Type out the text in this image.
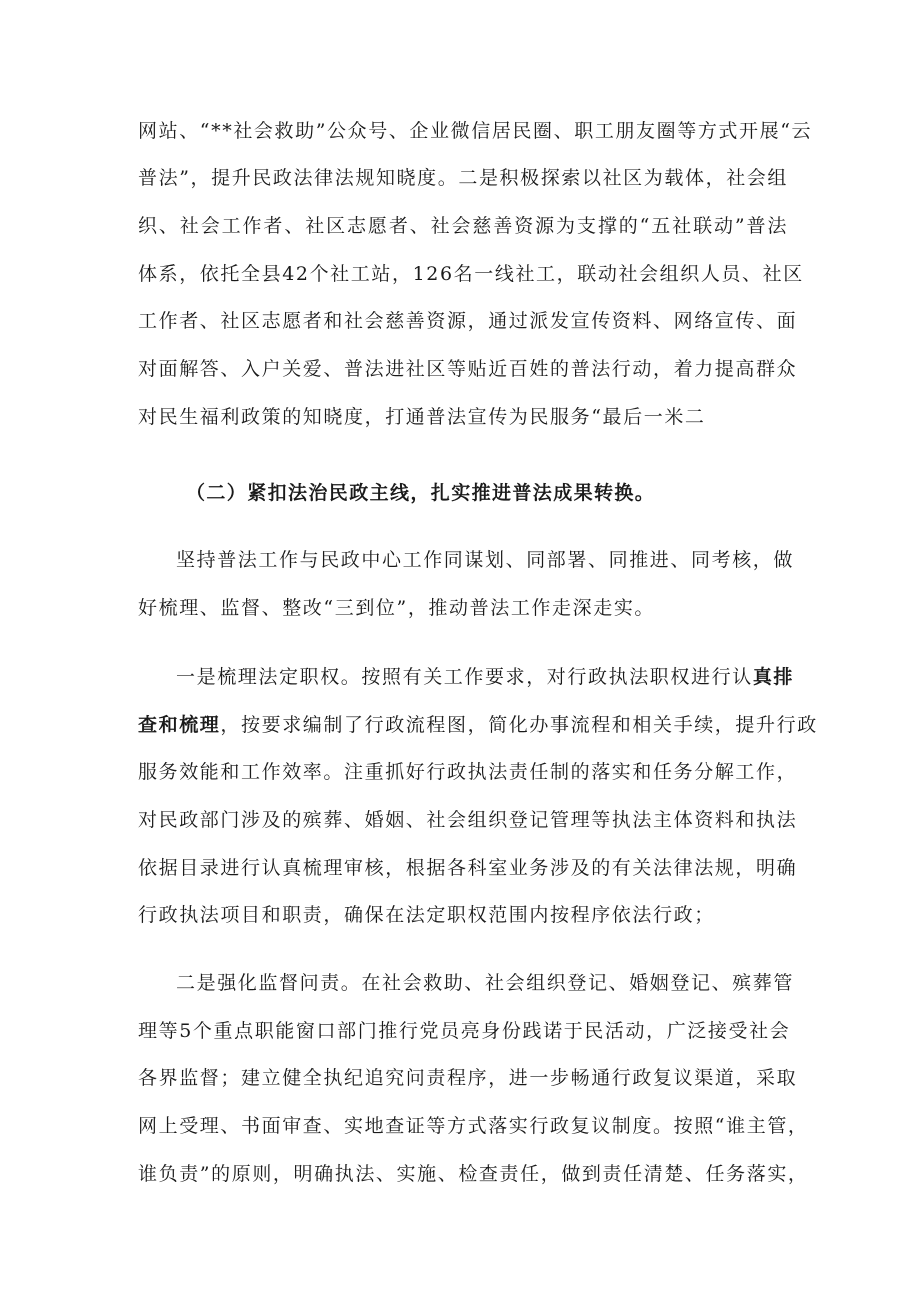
网站、“**社会救助”公众号、企业微信居民圈、职工朋友圈等方式开展“云
普法”，提升民政法律法规知晓度。二是积极探索以社区为载体，社会组
织、社会工作者、社区志愿者、社会慈善资源为支撑的“五社联动”普法
体系，依托全县42个社工站，126名一线社工，联动社会组织人员、社区
工作者、社区志愿者和社会慈善资源，通过派发宣传资料、网络宣传、面
对面解答、入户关爱、普法进社区等贴近百姓的普法行动，着力提高群众
对民生福利政策的知晓度，打通普法宣传为民服务“最后一米二
（二）紧扣法治民政主线，扎实推进普法成果转换。
坚持普法工作与民政中心工作同谋划、同部署、同推进、同考核，做
好梳理、监督、整改“三到位”，推动普法工作走深走实。
一是梳理法定职权。按照有关工作要求，对行政执法职权进行认真排
查和梳理，按要求编制了行政流程图，简化办事流程和相关手续，提升行政
服务效能和工作效率。注重抓好行政执法责任制的落实和任务分解工作，
对民政部门涉及的殡葬、婚姻、社会组织登记管理等执法主体资料和执法
依据目录进行认真梳理审核，根据各科室业务涉及的有关法律法规，明确
行政执法项目和职责，确保在法定职权范围内按程序依法行政；
二是强化监督问责。在社会救助、社会组织登记、婚姻登记、殡葬管
理等5个重点职能窗口部门推行党员亮身份践诺于民活动，广泛接受社会
各界监督；建立健全执纪追究问责程序，进一步畅通行政复议渠道，采取
网上受理、书面审查、实地查证等方式落实行政复议制度。按照“谁主管，
谁负责”的原则，明确执法、实施、检查责任，做到责任清楚、任务落实，
